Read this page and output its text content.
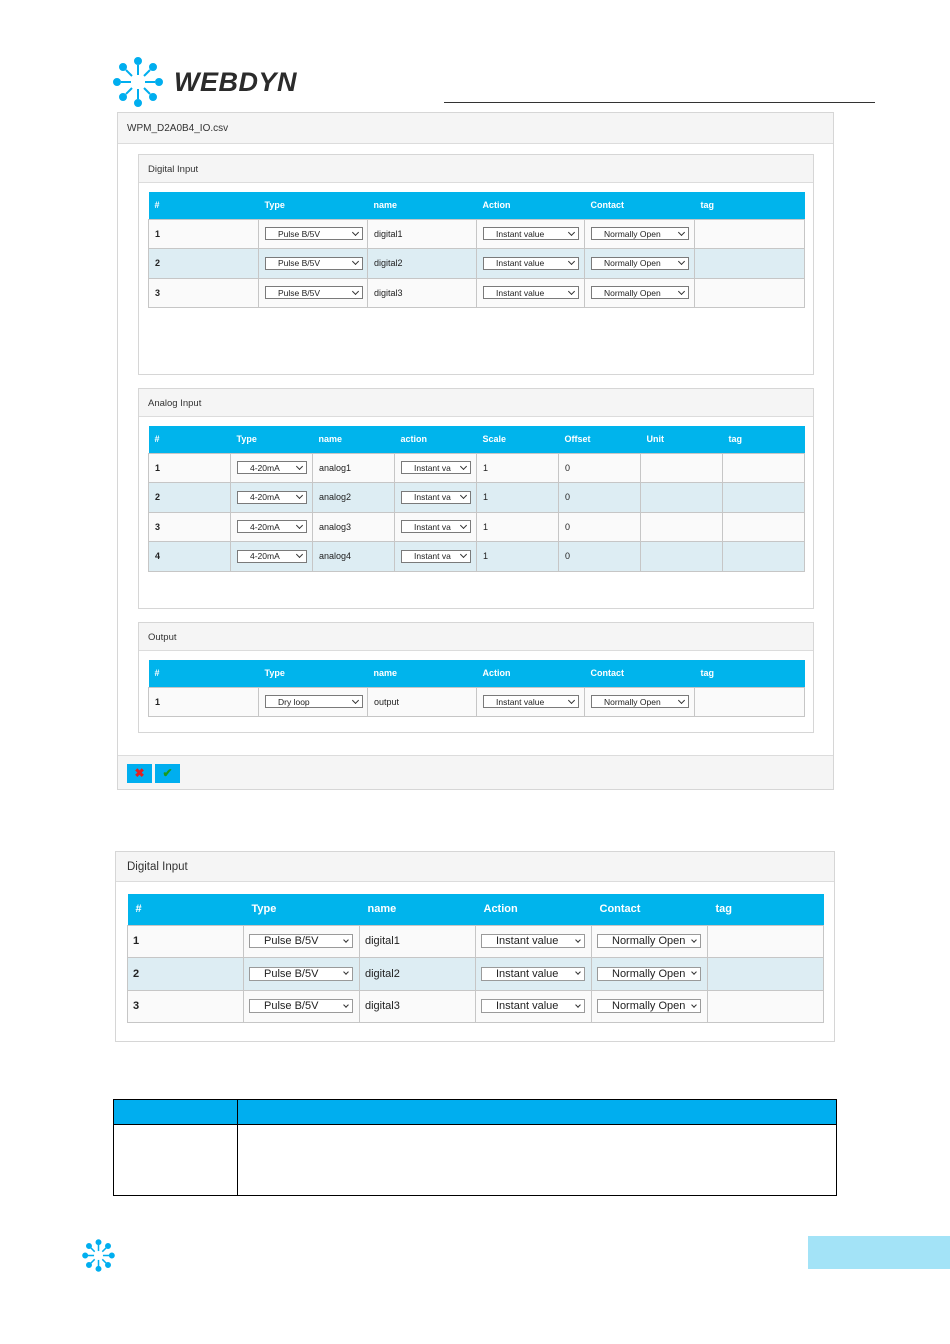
WEBDYN
WPM_D2A0B4_IO.csv
Digital Input
#	Type	name	Action	Contact	tag
1	Pulse B/5V	digital1	Instant value	Normally Open	

2	Pulse B/5V	digital2	Instant value	Normally Open	

3	Pulse B/5V	digital3	Instant value	Normally Open	

Analog Input
#	Type	name	action	Scale	Offset	Unit	tag
1	4-20mA	analog1	Instant va	1	0		
2	4-20mA	analog2	Instant va	1	0		
3	4-20mA	analog3	Instant va	1	0		
4	4-20mA	analog4	Instant va	1	0		
Output
#	Type	name	Action	Contact	tag
1	Dry loop	output	Instant value	Normally Open	

✖	✔
Digital Input
#	Type	name	Action	Contact	tag
1	Pulse B/5V	digital1	Instant value	Normally Open	

2	Pulse B/5V	digital2	Instant value	Normally Open	

3	Pulse B/5V	digital3	Instant value	Normally Open	
